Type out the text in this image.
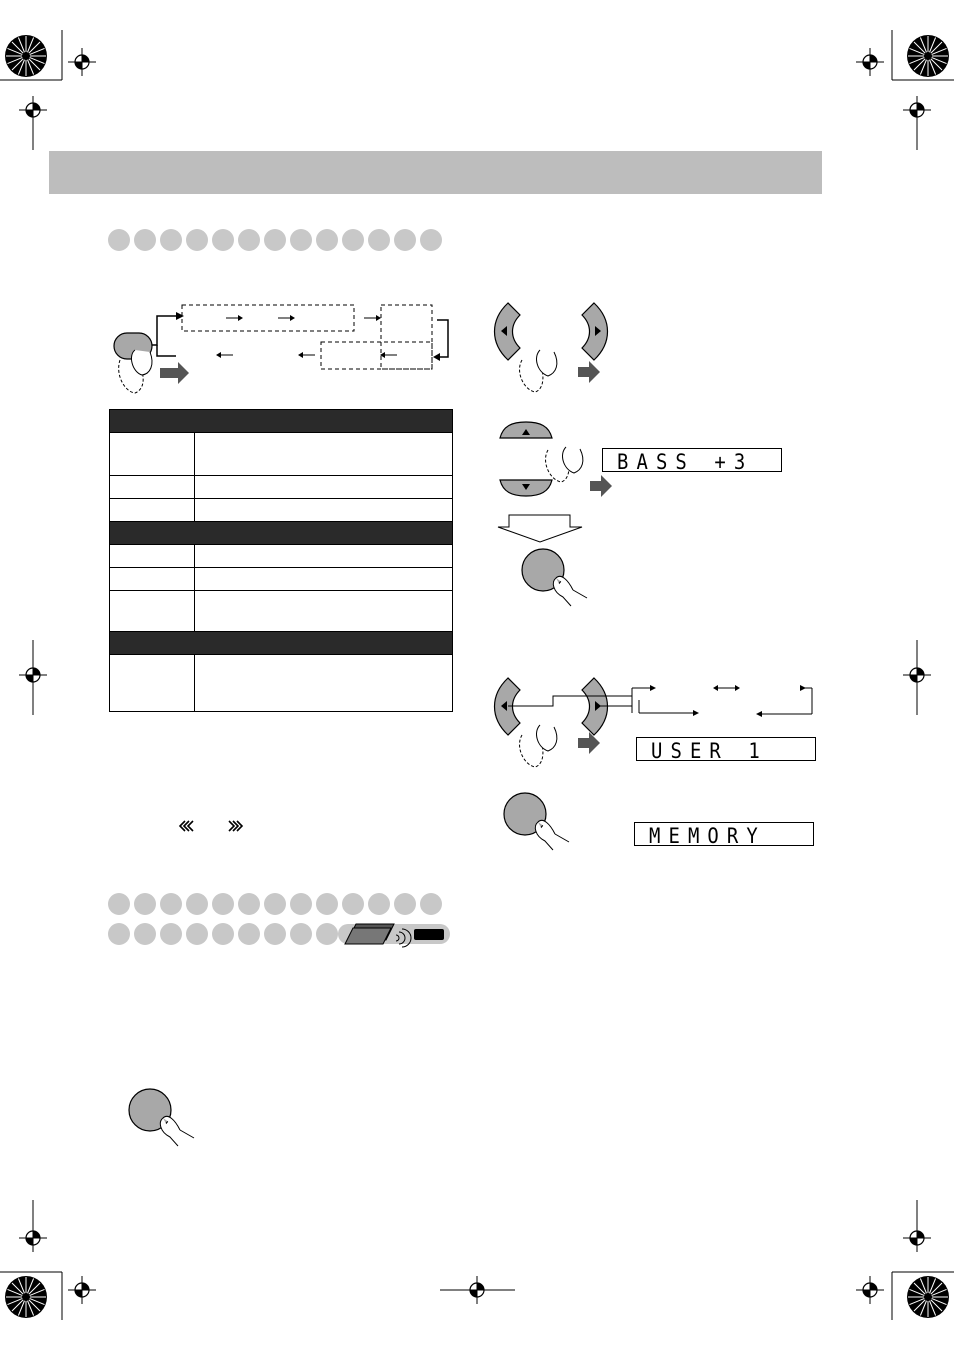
BASS +3
USER 1
MEMORY
